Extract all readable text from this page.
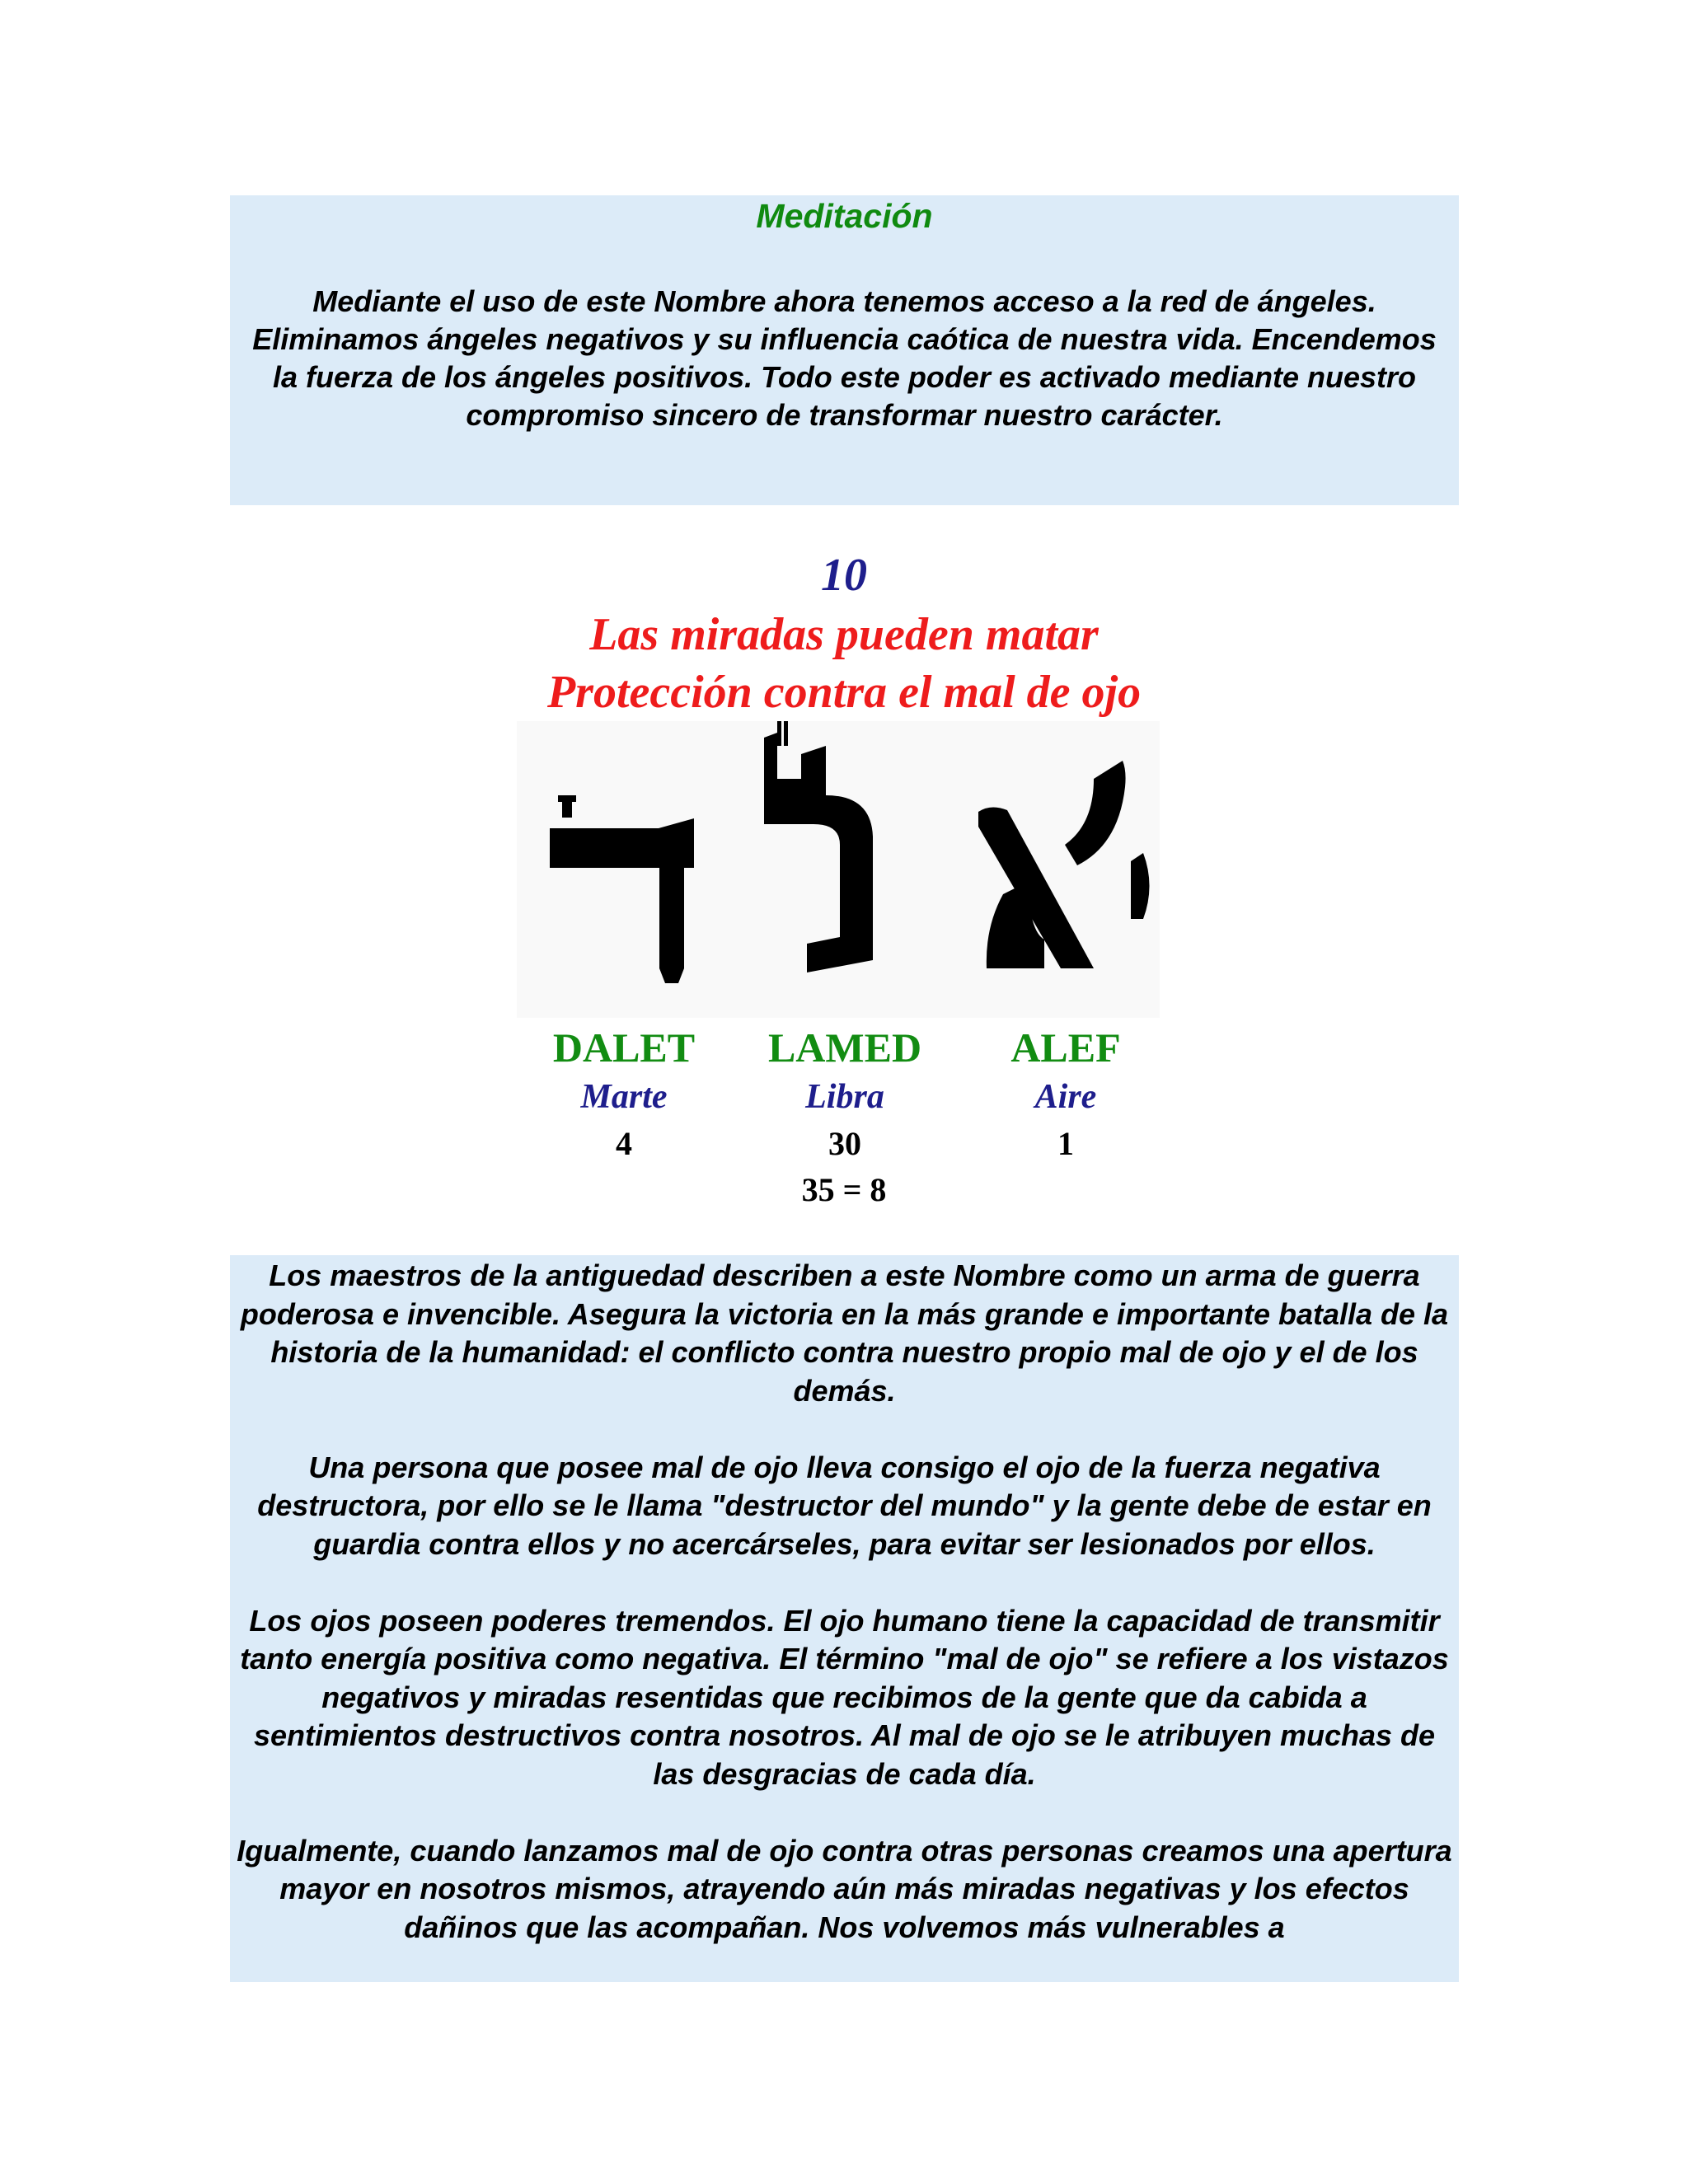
Meditación
Mediante el uso de este Nombre ahora tenemos acceso a la red de ángeles. Eliminamos ángeles negativos y su influencia caótica de nuestra vida. Encendemos la fuerza de los ángeles positivos. Todo este poder es activado mediante nuestro compromiso sincero de transformar nuestro carácter.
10
Las miradas pueden matar
Protección contra el mal de ojo
DALET	LAMED	ALEF
Marte	Libra	Aire
4	30	1
35 = 8

Los maestros de la antiguedad describen a este Nombre como un arma de guerra poderosa e invencible. Asegura la victoria en la más grande e importante batalla de la historia de la humanidad: el conflicto contra nuestro propio mal de ojo y el de los demás.

Una persona que posee mal de ojo lleva consigo el ojo de la fuerza negativa destructora, por ello se le llama "destructor del mundo" y la gente debe de estar en guardia contra ellos y no acercárseles, para evitar ser lesionados por ellos.

Los ojos poseen poderes tremendos. El ojo humano tiene la capacidad de transmitir tanto energía positiva como negativa. El término "mal de ojo" se refiere a los vistazos negativos y miradas resentidas que recibimos de la gente que da cabida a sentimientos destructivos contra nosotros. Al mal de ojo se le atribuyen muchas de las desgracias de cada día.

Igualmente, cuando lanzamos mal de ojo contra otras personas creamos una apertura mayor en nosotros mismos, atrayendo aún más miradas negativas y los efectos dañinos que las acompañan. Nos volvemos más vulnerables a
